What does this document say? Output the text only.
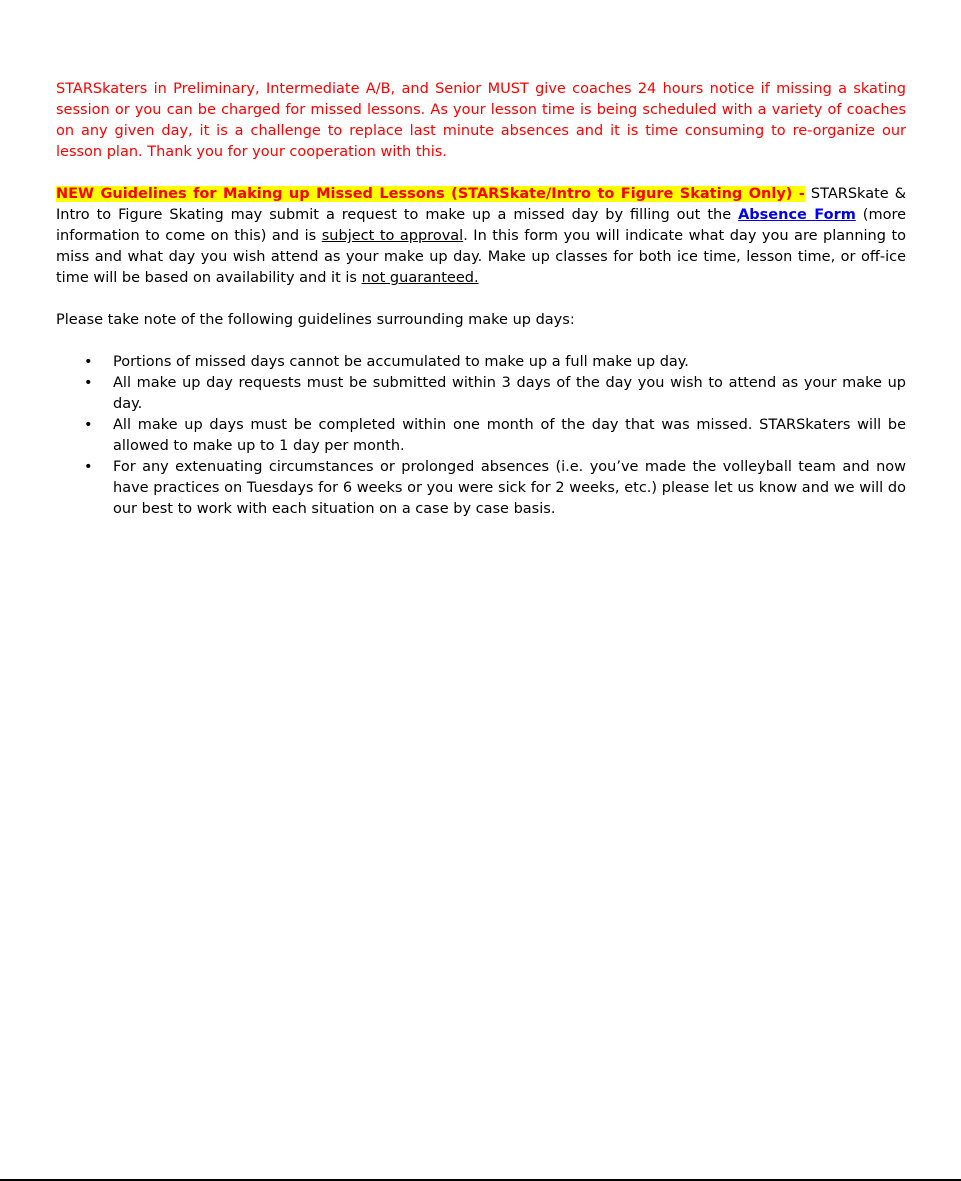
STARSkaters in Preliminary, Intermediate A/B, and Senior MUST give coaches 24 hours notice if missing a skating session or you can be charged for missed lessons. As your lesson time is being scheduled with a variety of coaches on any given day, it is a challenge to replace last minute absences and it is time consuming to re-organize our lesson plan. Thank you for your cooperation with this.

NEW Guidelines for Making up Missed Lessons (STARSkate/Intro to Figure Skating Only) - STARSkate & Intro to Figure Skating may submit a request to make up a missed day by filling out the Absence Form (more information to come on this) and is subject to approval. In this form you will indicate what day you are planning to miss and what day you wish attend as your make up day. Make up classes for both ice time, lesson time, or off-ice time will be based on availability and it is not guaranteed.

Please take note of the following guidelines surrounding make up days:

• Portions of missed days cannot be accumulated to make up a full make up day.
• All make up day requests must be submitted within 3 days of the day you wish to attend as your make up day.
• All make up days must be completed within one month of the day that was missed. STARSkaters will be allowed to make up to 1 day per month.
• For any extenuating circumstances or prolonged absences (i.e. you’ve made the volleyball team and now have practices on Tuesdays for 6 weeks or you were sick for 2 weeks, etc.) please let us know and we will do our best to work with each situation on a case by case basis.
